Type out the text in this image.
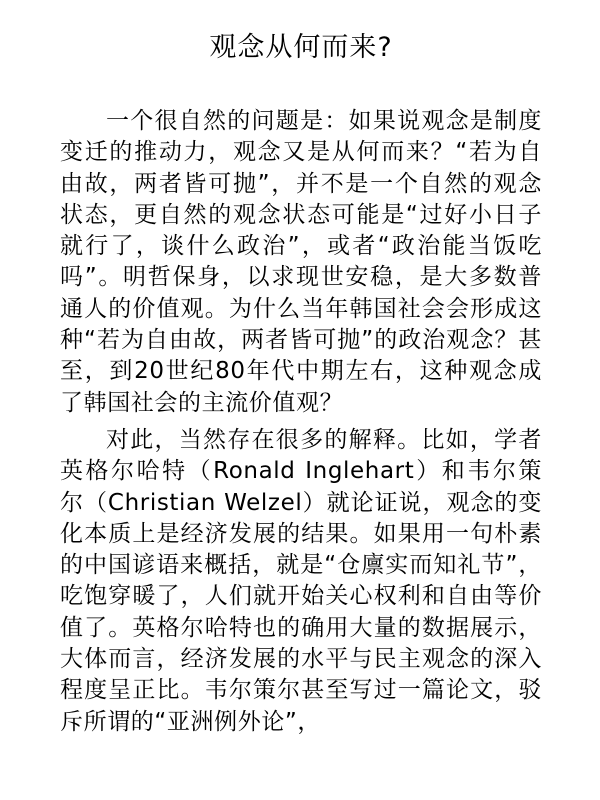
观念从何而来?

一个很自然的问题是：如果说观念是制度变迁的推动力，观念又是从何而来？“若为自由故，两者皆可抛”，并不是一个自然的观念状态，更自然的观念状态可能是“过好小日子就行了，谈什么政治”，或者“政治能当饭吃吗”。明哲保身，以求现世安稳，是大多数普通人的价值观。为什么当年韩国社会会形成这种“若为自由故，两者皆可抛”的政治观念？甚至，到20世纪80年代中期左右，这种观念成了韩国社会的主流价值观？

对此，当然存在很多的解释。比如，学者英格尔哈特（Ronald Inglehart）和韦尔策尔（Christian Welzel）就论证说，观念的变化本质上是经济发展的结果。如果用一句朴素的中国谚语来概括，就是“仓廪实而知礼节”，吃饱穿暖了，人们就开始关心权利和自由等价值了。英格尔哈特也的确用大量的数据展示，大体而言，经济发展的水平与民主观念的深入程度呈正比。韦尔策尔甚至写过一篇论文，驳斥所谓的“亚洲例外论”，
